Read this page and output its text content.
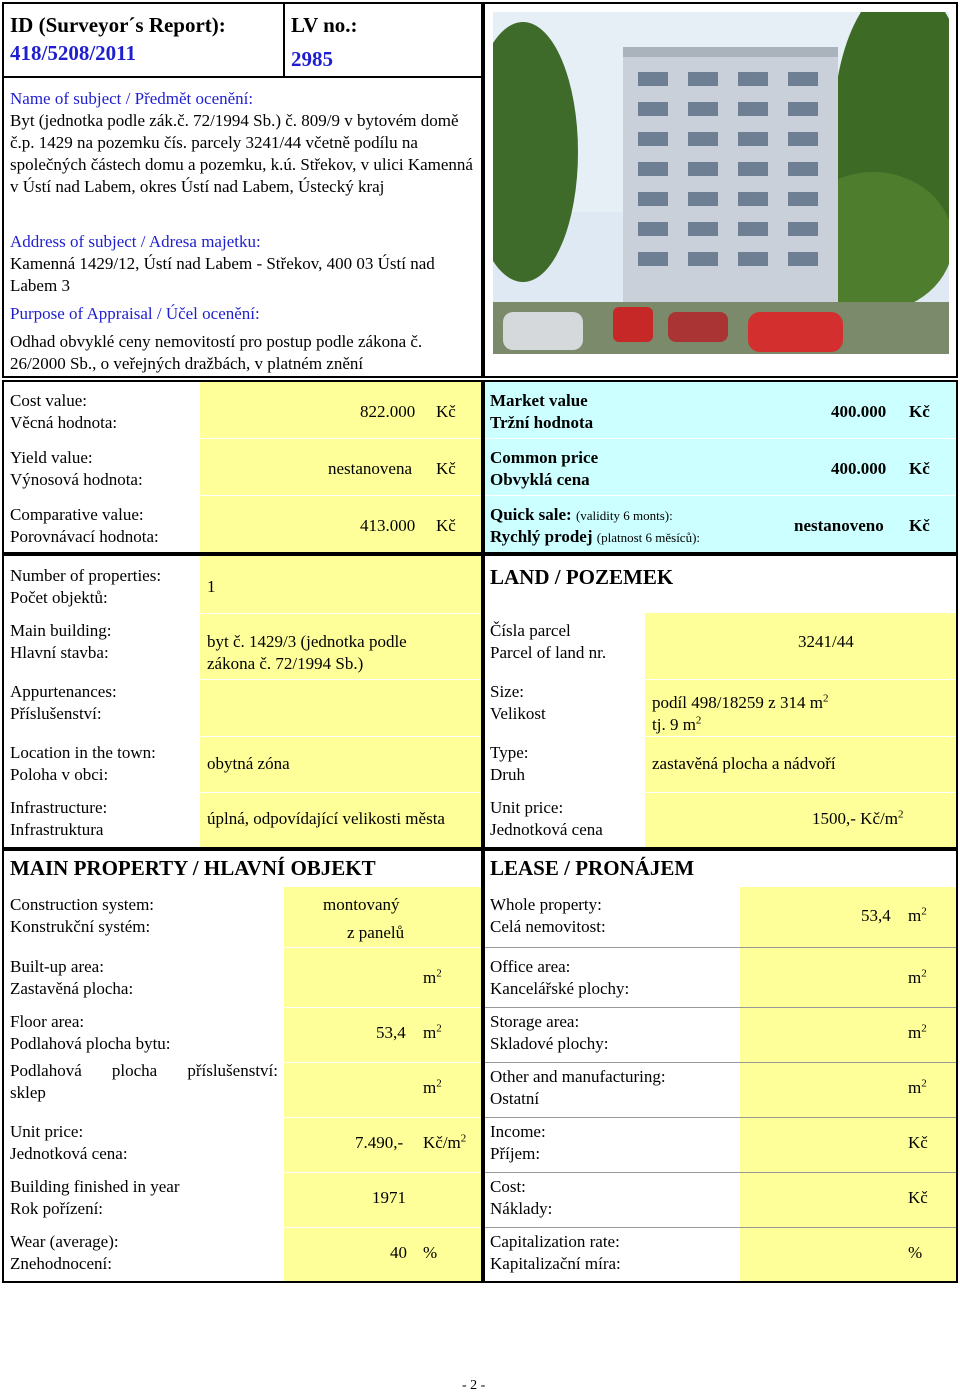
ID (Surveyor´s Report):
418/5208/2011
LV no.:
2985
Name of subject / Předmět ocenění:
Byt (jednotka podle zák.č. 72/1994 Sb.) č. 809/9 v bytovém domě č.p. 1429 na pozemku čís. parcely 3241/44 včetně podílu na společných částech domu a pozemku, k.ú. Střekov, v ulici Kamenná v Ústí nad Labem, okres Ústí nad Labem, Ústecký kraj
Address of subject / Adresa majetku:
Kamenná 1429/12, Ústí nad Labem - Střekov, 400 03 Ústí nad Labem 3
Purpose of Appraisal / Účel ocenění:
Odhad obvyklé ceny nemovitostí pro postup podle zákona č. 26/2000 Sb., o veřejných dražbách, v platném znění
Cost value:
Věcná hodnota:
822.000 Kč
Yield value:
Výnosová hodnota:
nestanovena Kč
Comparative value:
Porovnávací hodnota:
413.000 Kč
Market value
Tržní hodnota
400.000 Kč
Common price
Obvyklá cena
400.000 Kč
Quick sale: (validity 6 monts):
Rychlý prodej (platnost 6 měsíců):
nestanoveno Kč
Number of properties:
Počet objektů:
1
Main building:
Hlavní stavba:
byt č. 1429/3 (jednotka podle zákona č. 72/1994 Sb.)
Appurtenances:
Příslušenství:
Location in the town:
Poloha v obci:
obytná zóna
Infrastructure:
Infrastruktura
úplná, odpovídající velikosti města
LAND / POZEMEK
Čísla parcel
Parcel of land nr.
3241/44
Size:
Velikost
podíl 498/18259 z 314 $m^2$
tj. 9 $m^2$
Type:
Druh
zastavěná plocha a nádvoří
Unit price:
Jednotková cena
1500,- $Kč/m^2$
MAIN PROPERTY / HLAVNÍ OBJEKT
Construction system:
Konstrukční systém:
montovaný
z panelů
Built-up area:
Zastavěná plocha:
$m^2$
Floor area:
Podlahová plocha bytu:
53,4 $m^2$
Podlahová plocha příslušenství:
sklep	$m^2$
Unit price:
Jednotková cena:
7.490,- $Kč/m^2$
Building finished in year
Rok pořízení:
1971
Wear (average):
Znehodnocení:
40 %
LEASE / PRONÁJEM
Whole property:
Celá nemovitost:
53,4 $m^2$
Office area:
Kancelářské plochy:
$m^2$
Storage area:
Skladové plochy:
$m^2$
Other and manufacturing:
Ostatní
$m^2$
Income:
Příjem:
Kč
Cost:
Náklady:
Kč
Capitalization rate:
Kapitalizační míra:
%
- 2 -
